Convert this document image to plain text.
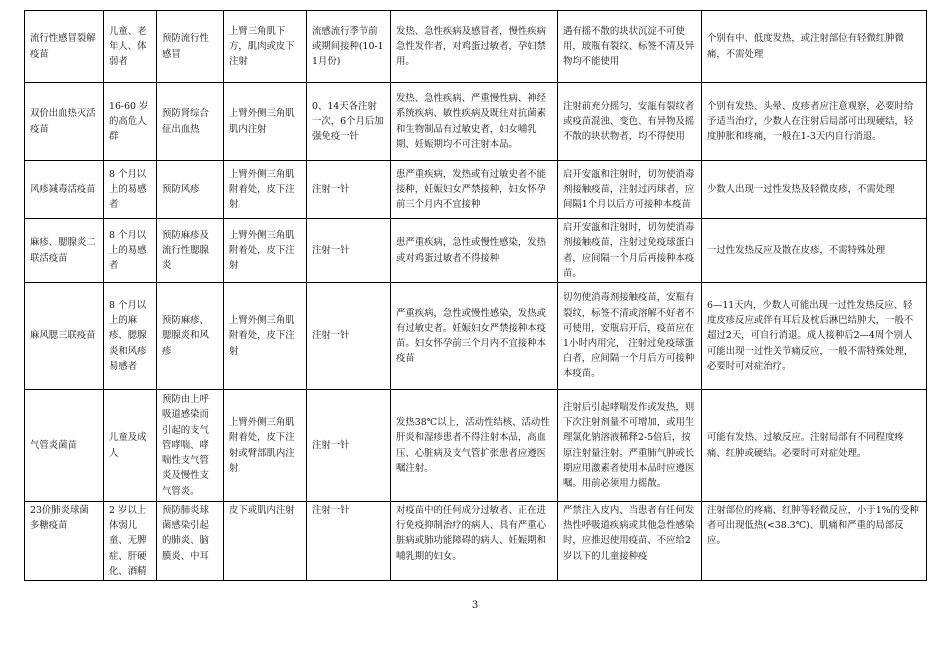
流行性感冒裂解疫苗	儿童、老年人、体弱者	预防流行性感冒	上臂三角肌下方，肌肉或皮下注射	流感流行季节前或期间接种(10-11月份)	发热、急性疾病及感冒者，慢性疾病急性发作者，对鸡蛋过敏者，孕妇禁用。	遇有摇不散的块状沉淀不可使用，玻瓶有裂纹、标签不清及异物均不能使用	个别有中、低度发热，或注射部位有轻微红肿微痛，不需处理
双价出血热灭活疫苗	16-60 岁的高危人群	预防肾综合征出血热	上臂外侧三角肌肌内注射	0、14天各注射一次，6个月后加强免疫一针	发热、急性疾病、严重慢性病、神经系统疾病、敏性疾病及既往对抗菌素和生物制品有过敏史者，妇女哺乳期、妊娠期均不可注射本品。	注射前充分摇匀，安瓿有裂纹者或疫苗混浊、变色、有异物及摇不散的块状物者，均不得使用	个别有发热、头晕、皮疹者应注意观察，必要时给予适当治疗，少数人在注射后局部可出现硬结，轻度肿胀和疼痛，一般在1-3天内自行消退。
风疹减毒活疫苗	8 个月以上的易感者	预防风疹	上臂外侧三角肌附着处，皮下注射	注射一针	患严重疾病，发热或有过敏史者不能接种，妊娠妇女严禁接种，妇女怀孕前三个月内不宜接种	启开安瓿和注射时，切勿使消毒剂接触疫苗，注射过丙球者，应间隔1个月以后方可接种本疫苗	少数人出现一过性发热及轻微皮疹，不需处理
麻疹、腮腺炎二联活疫苗	8 个月以上的易感者	预防麻疹及流行性腮腺炎	上臂外侧三角肌附着处，皮下注射	注射一针	患严重疾病，急性或慢性感染，发热或对鸡蛋过敏者不得接种	启开安瓿和注射时，切勿使消毒剂接触疫苗，注射过免疫球蛋白者，应间隔一个月后再接种本疫苗。	一过性发热反应及散在皮疹，不需特殊处理
麻风腮三联疫苗	8 个月以上的麻疹、腮腺炎和风疹易感者	预防麻疹、腮腺炎和风疹	上臂外侧三角肌附着处，皮下注射	注射一针	严重疾病，急性或慢性感染，发热或有过敏史者。妊娠妇女严禁接种本疫苗。妇女怀孕前三个月内不宜接种本疫苗	切勿使消毒剂接触疫苗，安瓶有裂纹，标签不清或溶解不好者不可使用，安瓶启开后，疫苗应在1小时内用完， 注射过免疫球蛋白者，应间隔一个月后方可接种本疫苗。	6—11天内，少数人可能出现一过性发热反应、轻度皮疹反应或伴有耳后及枕后淋巴结肿大，一般不超过2天，可自行消退。成人接种后2—4周个别人可能出现一过性关节痛反应，一般不需特殊处理，必要时可对症治疗。
气管炎菌苗	儿童及成人	预防由上呼吸道感染而引起的支气管哮喘、哮喘性支气管炎及慢性支气管炎。	上臂外侧三角肌附着处，皮下注射或臂部肌内注射	注射一针	发热38℃以上，活动性结核、活动性肝炎和湿疹患者不得注射本品，高血压、心脏病及支气管扩张患者应遵医嘱注射。	注射后引起哮喘发作或发热，则下次注射剂量不可增加，或用生理氯化钠溶液稀释2-5倍后，按原注射量注射。严重肺气肿或长期应用激素者使用本品时应遵医嘱。用前必须用力摇散。	可能有发热、过敏反应。注射局部有不同程度疼痛、红肿或硬结。必要时可对症处理。
23价肺炎球菌多糖疫苗	2 岁以上体弱儿童、无脾症、肝硬化、酒精	预防肺炎球菌感染引起的肺炎、脑膜炎、中耳	皮下或肌内注射	注射一针	对疫苗中的任何成分过敏者、正在进行免疫抑制治疗的病人、具有严重心脏病或肺功能障碍的病人、妊娠期和哺乳期的妇女。	严禁注入皮内、当患者有任何发热性呼吸道疾病或其他急性感染时，应推迟使用疫苗、不应给2岁以下的儿童接种疫	注射部位的疼痛、红肿等轻微反应，小于1%的受种者可出现低热(<38.3℃)、肌痛和严重的局部反应。
3
